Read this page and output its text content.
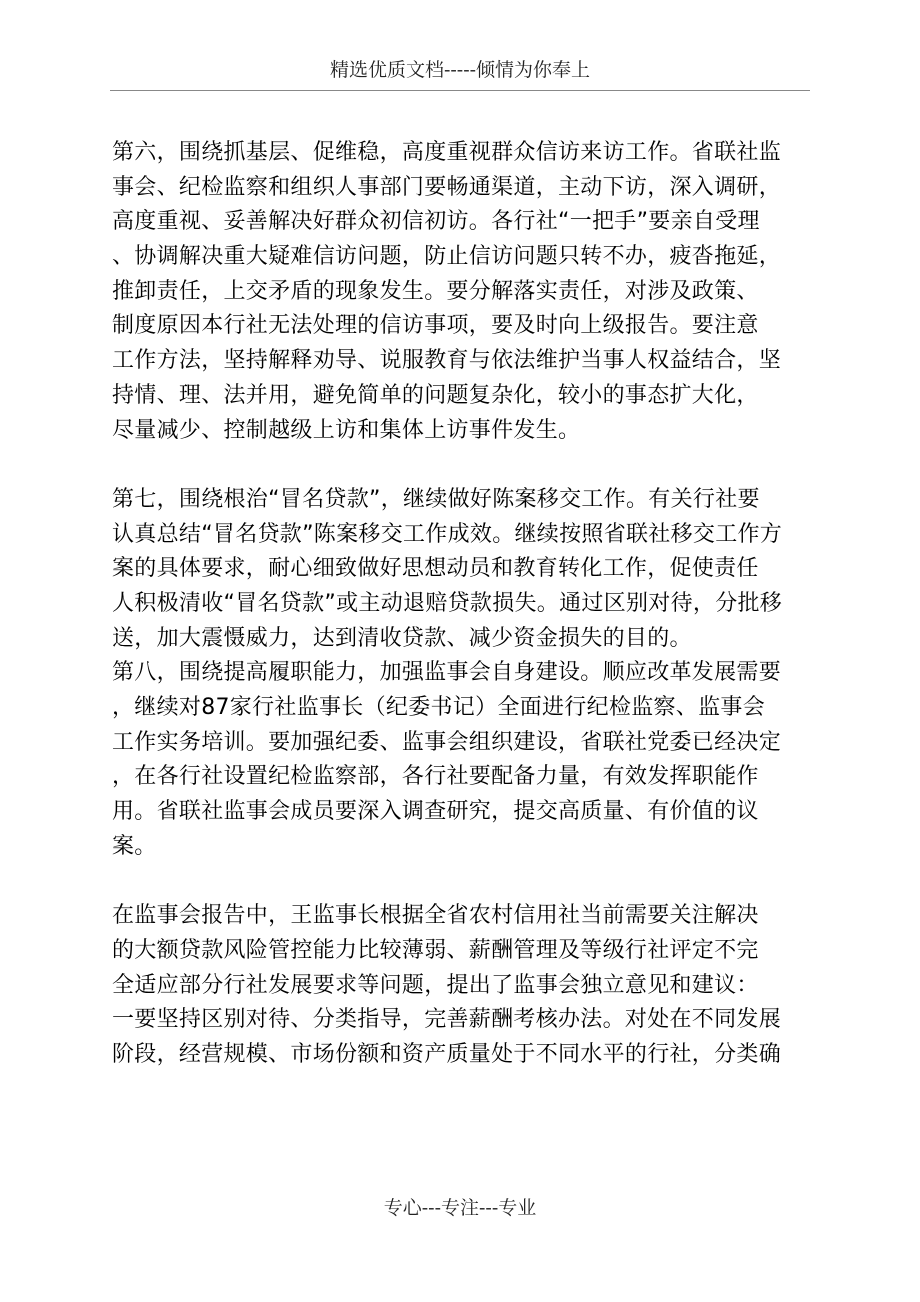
精选优质文档-----倾情为你奉上
第六，围绕抓基层、促维稳，高度重视群众信访来访工作。省联社监
事会、纪检监察和组织人事部门要畅通渠道，主动下访，深入调研，
高度重视、妥善解决好群众初信初访。各行社“一把手”要亲自受理
、协调解决重大疑难信访问题，防止信访问题只转不办，疲沓拖延，
推卸责任，上交矛盾的现象发生。要分解落实责任，对涉及政策、
制度原因本行社无法处理的信访事项，要及时向上级报告。要注意
工作方法，坚持解释劝导、说服教育与依法维护当事人权益结合，坚
持情、理、法并用，避免简单的问题复杂化，较小的事态扩大化，
尽量减少、控制越级上访和集体上访事件发生。
第七，围绕根治“冒名贷款”，继续做好陈案移交工作。有关行社要
认真总结“冒名贷款”陈案移交工作成效。继续按照省联社移交工作方
案的具体要求，耐心细致做好思想动员和教育转化工作，促使责任
人积极清收“冒名贷款”或主动退赔贷款损失。通过区别对待，分批移
送，加大震慑威力，达到清收贷款、减少资金损失的目的。
第八，围绕提高履职能力，加强监事会自身建设。顺应改革发展需要
，继续对87家行社监事长（纪委书记）全面进行纪检监察、监事会
工作实务培训。要加强纪委、监事会组织建设，省联社党委已经决定
，在各行社设置纪检监察部，各行社要配备力量，有效发挥职能作
用。省联社监事会成员要深入调查研究，提交高质量、有价值的议
案。
在监事会报告中，王监事长根据全省农村信用社当前需要关注解决
的大额贷款风险管控能力比较薄弱、薪酬管理及等级行社评定不完
全适应部分行社发展要求等问题，提出了监事会独立意见和建议：
一要坚持区别对待、分类指导，完善薪酬考核办法。对处在不同发展
阶段，经营规模、市场份额和资产质量处于不同水平的行社，分类确
专心---专注---专业
